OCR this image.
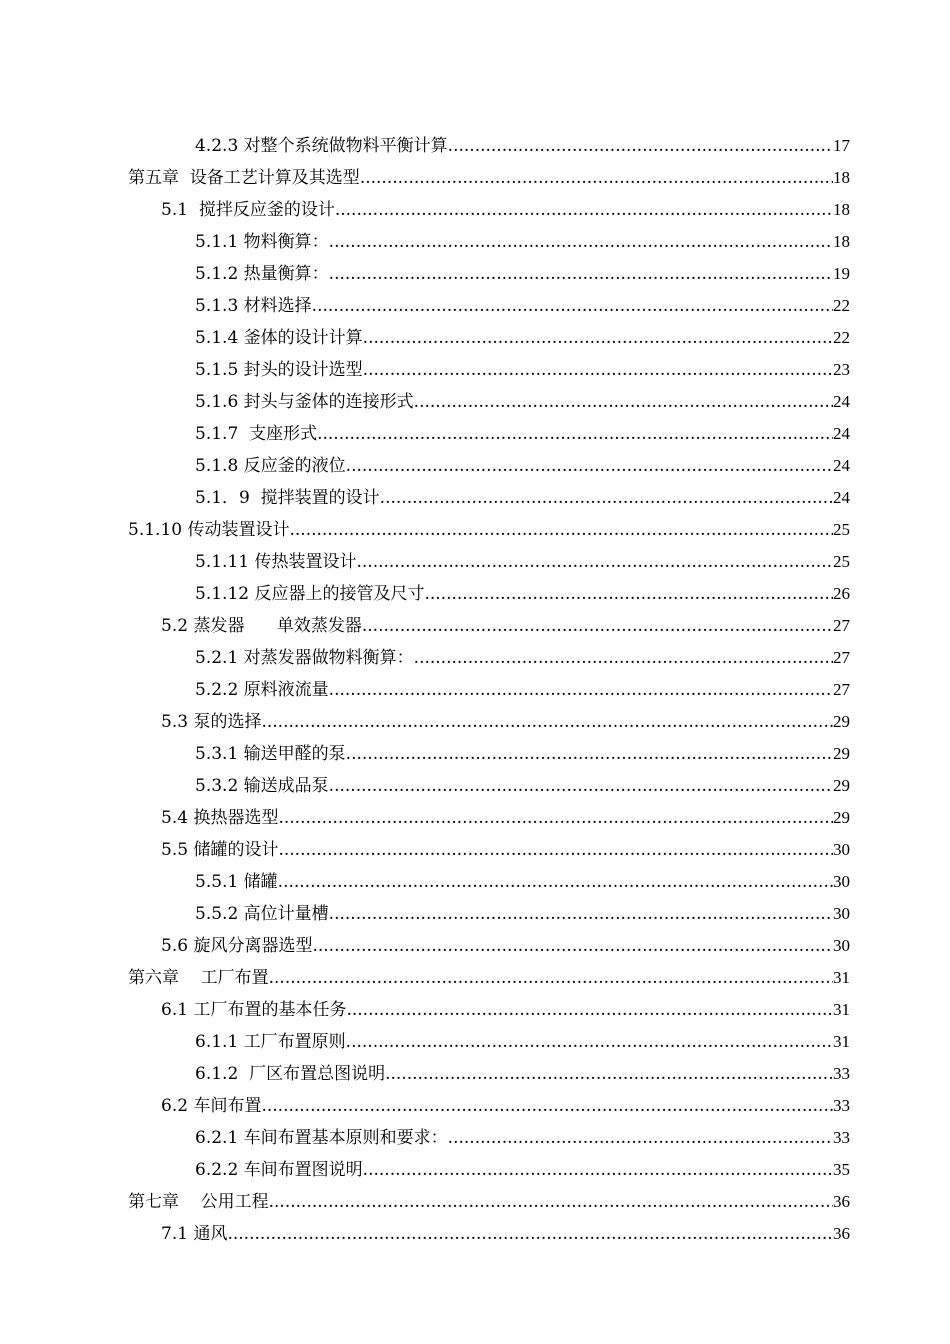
4.2.3 对整个系统做物料平衡计算 .....	17
第五章  设备工艺计算及其选型 .....	18
5.1  搅拌反应釜的设计 .....	18
5.1.1 物料衡算： .....	18
5.1.2 热量衡算： .....	19
5.1.3 材料选择 .....	22
5.1.4 釜体的设计计算 .....	22
5.1.5 封头的设计选型 .....	23
5.1.6 封头与釜体的连接形式 .....	24
5.1.7  支座形式 .....	24
5.1.8 反应釜的液位 .....	24
5.1．9  搅拌装置的设计 .....	24
5.1.10 传动装置设计 .....	25
5.1.11 传热装置设计 .....	25
5.1.12 反应器上的接管及尺寸 .....	26
5.2 蒸发器      单效蒸发器 .....	27
5.2.1 对蒸发器做物料衡算： .....	27
5.2.2 原料液流量 .....	27
5.3 泵的选择 .....	29
5.3.1 输送甲醛的泵 .....	29
5.3.2 输送成品泵 .....	29
5.4 换热器选型 .....	29
5.5 储罐的设计 .....	30
5.5.1 储罐 .....	30
5.5.2 高位计量槽 .....	30
5.6 旋风分离器选型 .....	30
第六章    工厂布置 .....	31
6.1 工厂布置的基本任务 .....	31
6.1.1 工厂布置原则 .....	31
6.1.2  厂区布置总图说明 .....	33
6.2 车间布置 .....	33
6.2.1 车间布置基本原则和要求： .....	33
6.2.2 车间布置图说明 .....	35
第七章    公用工程 .....	36
7.1 通风 .....	36
